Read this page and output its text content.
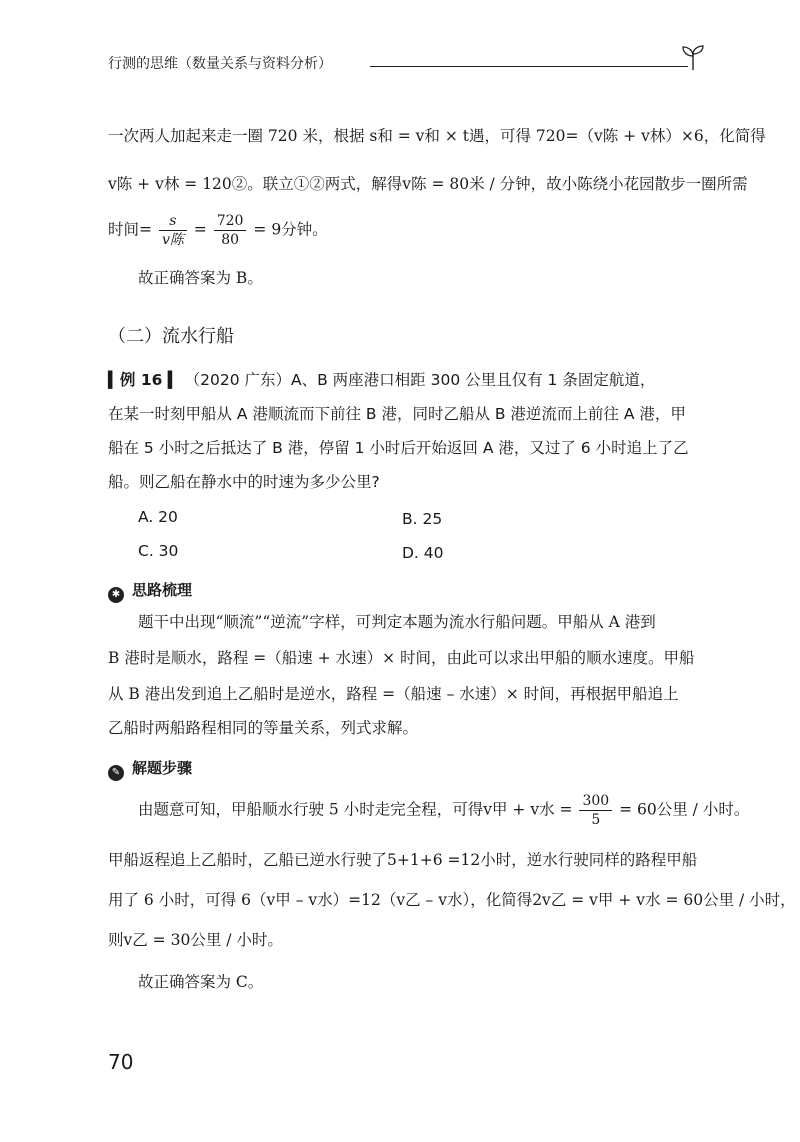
行测的思维（数量关系与资料分析）
一次两人加起来走一圈 720 米，根据 s和 = v和 × t遇，可得 720=（v陈 + v林）×6，化简得
v陈 + v林 = 120②。联立①②两式，解得v陈 = 80米 / 分钟，故小陈绕小花园散步一圈所需
时间= $\frac{s}{\text{v陈}} = \frac{720}{80} = 9$分钟。
故正确答案为 B。
（二）流水行船
▍例 16 ▍ （2020 广东）A、B 两座港口相距 300 公里且仅有 1 条固定航道，
在某一时刻甲船从 A 港顺流而下前往 B 港，同时乙船从 B 港逆流而上前往 A 港，甲
船在 5 小时之后抵达了 B 港，停留 1 小时后开始返回 A 港，又过了 6 小时追上了乙
船。则乙船在静水中的时速为多少公里?
A. 20	B. 25
C. 30	D. 40
✱ 思路梳理
题干中出现“顺流”“逆流”字样，可判定本题为流水行船问题。甲船从 A 港到
B 港时是顺水，路程 =（船速 + 水速）× 时间，由此可以求出甲船的顺水速度。甲船
从 B 港出发到追上乙船时是逆水，路程 =（船速 – 水速）× 时间，再根据甲船追上
乙船时两船路程相同的等量关系，列式求解。
✎ 解题步骤
由题意可知，甲船顺水行驶 5 小时走完全程，可得v甲 + v水 = $\frac{300}{5} = 60$公里 / 小时。
甲船返程追上乙船时，乙船已逆水行驶了5+1+6 =12小时，逆水行驶同样的路程甲船
用了 6 小时，可得 6（v甲 – v水）=12（v乙 – v水），化简得2v乙 = v甲 + v水 = 60公里 / 小时，
则v乙 = 30公里 / 小时。
故正确答案为 C。
70
